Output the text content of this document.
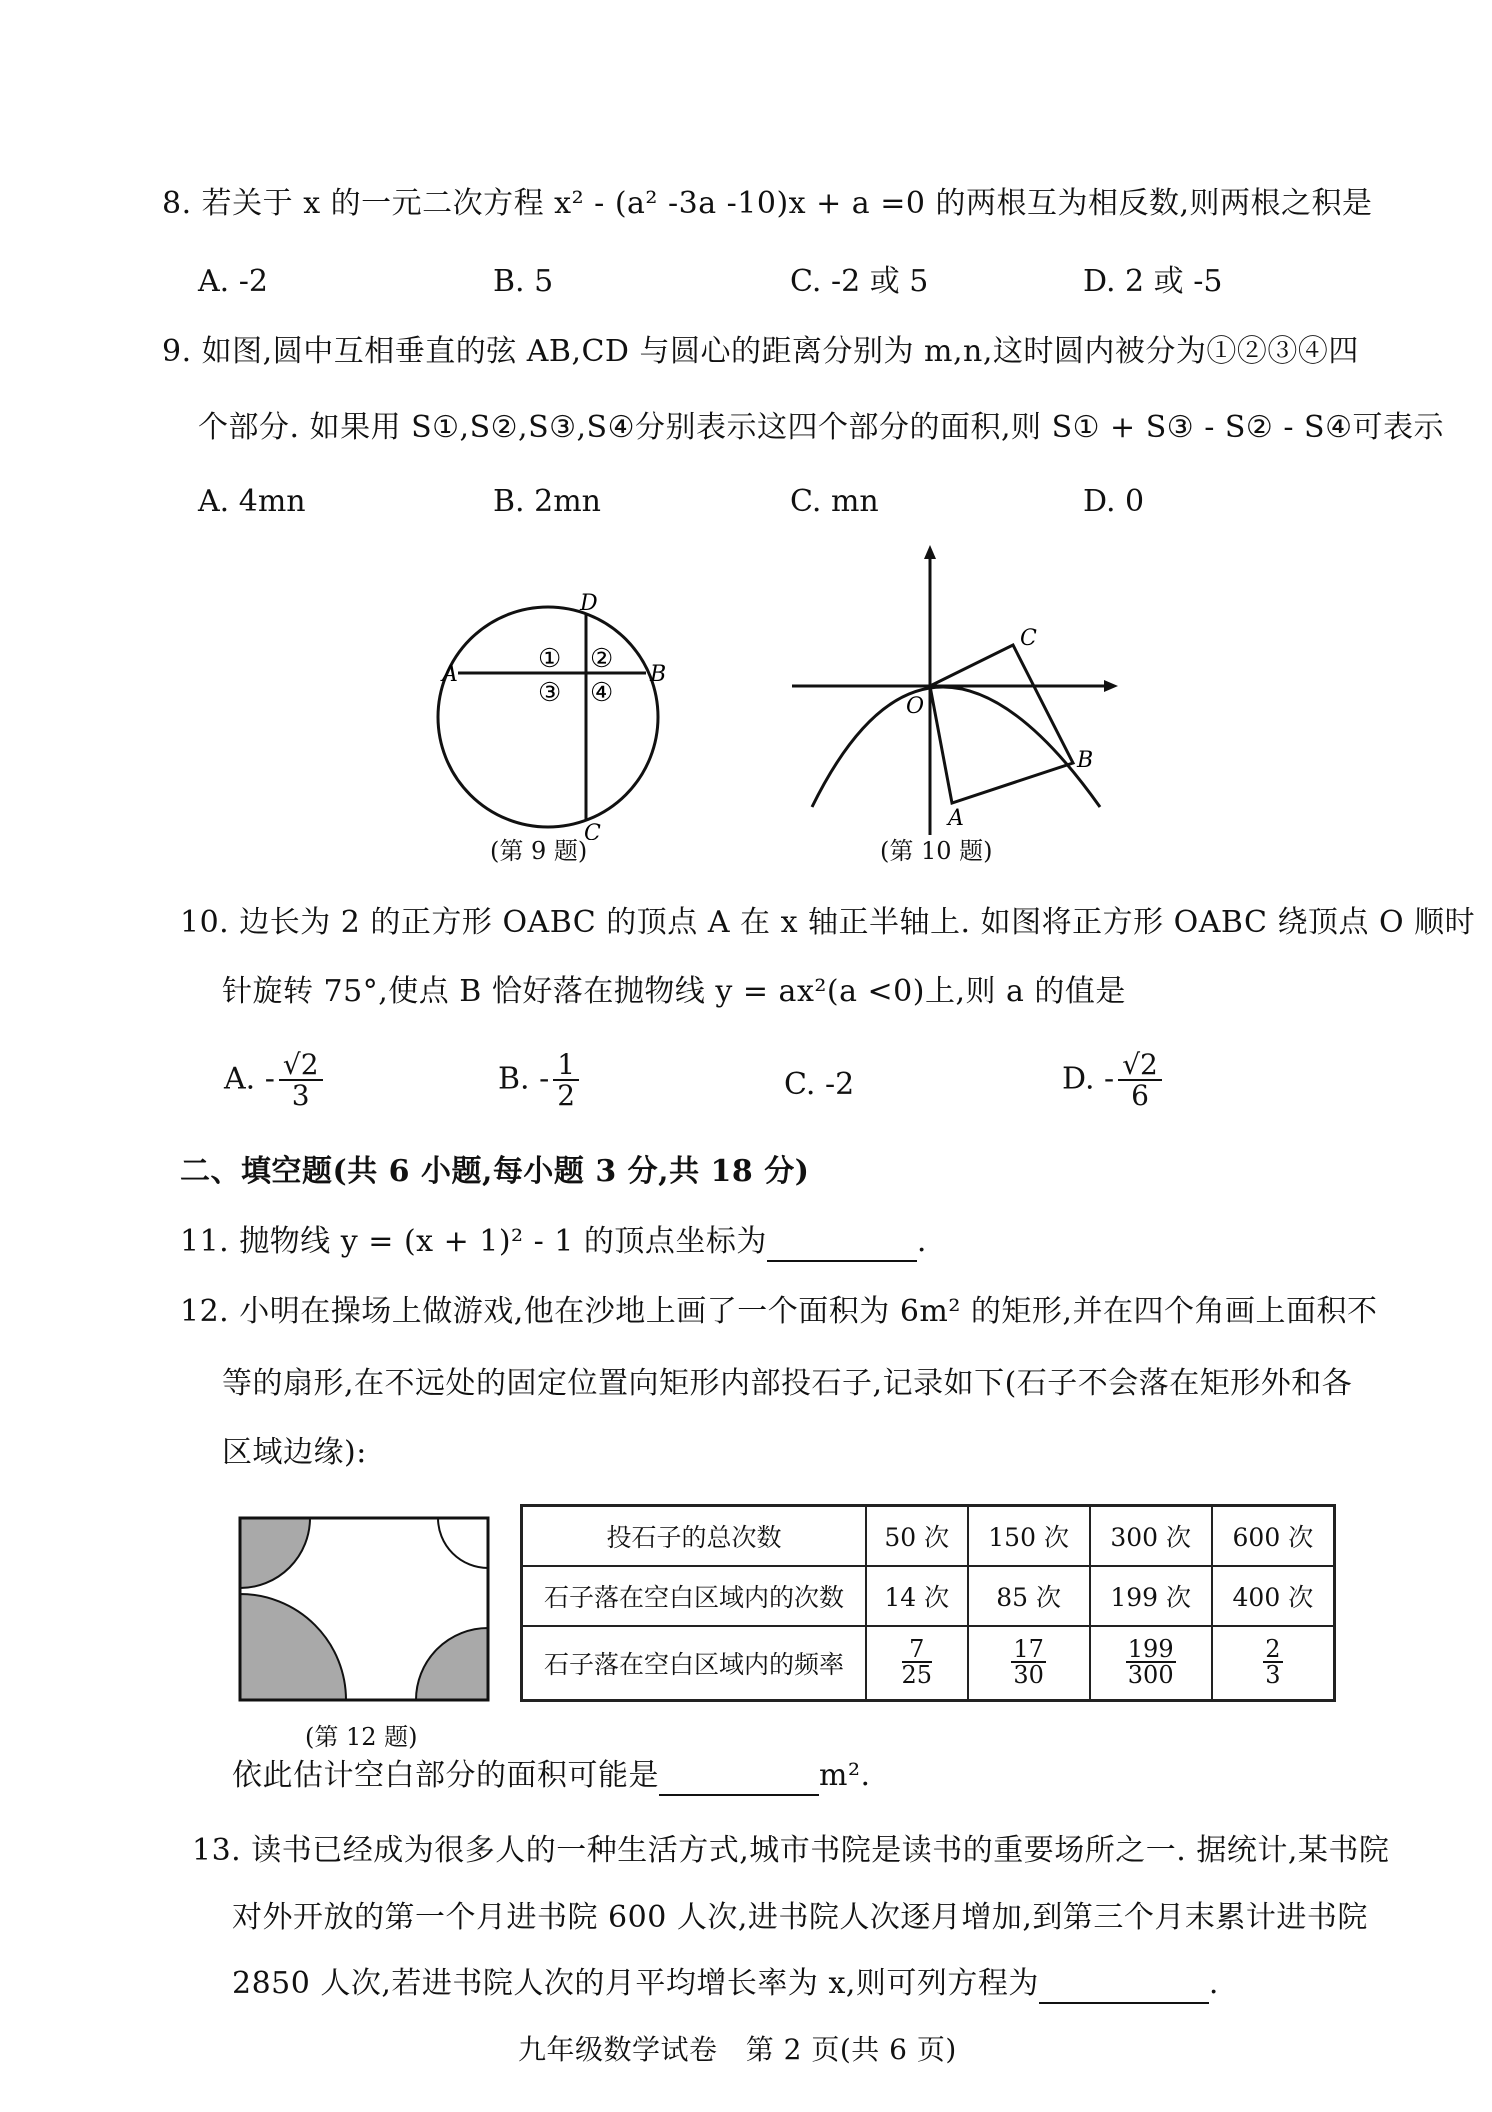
8. 若关于 x 的一元二次方程 x² - (a² -3a -10)x + a =0 的两根互为相反数,则两根之积是
A. -2	B. 5	C. -2 或 5	D. 2 或 -5
9. 如图,圆中互相垂直的弦 AB,CD 与圆心的距离分别为 m,n,这时圆内被分为①②③④四
个部分. 如果用 S①,S②,S③,S④分别表示这四个部分的面积,则 S① + S③ - S② - S④可表示
A. 4mn	B. 2mn	C. mn	D. 0
A	B
D
C
① ②
③ ④
(第 9 题)
O
C
B
A
(第 10 题)
10. 边长为 2 的正方形 OABC 的顶点 A 在 x 轴正半轴上. 如图将正方形 OABC 绕顶点 O 顺时
针旋转 75°,使点 B 恰好落在抛物线 y = ax²(a <0)上,则 a 的值是
A. - $\frac{√2}{3}$	B. - $\frac{1}{2}$	C. -2	D. - $\frac{√2}{6}$
二、填空题(共 6 小题,每小题 3 分,共 18 分)
11. 抛物线 y = (x + 1)² - 1 的顶点坐标为	.
12. 小明在操场上做游戏,他在沙地上画了一个面积为 6m² 的矩形,并在四个角画上面积不
等的扇形,在不远处的固定位置向矩形内部投石子,记录如下(石子不会落在矩形外和各
区域边缘):
(第 12 题)
投石子的总次数	50 次	150 次	300 次	600 次
石子落在空白区域内的次数	14 次	85 次	199 次	400 次
石子落在空白区域内的频率	$\frac{7}{25}$	$\frac{17}{30}$	$\frac{199}{300}$	$\frac{2}{3}$
依此估计空白部分的面积可能是	m².
13. 读书已经成为很多人的一种生活方式,城市书院是读书的重要场所之一. 据统计,某书院
对外开放的第一个月进书院 600 人次,进书院人次逐月增加,到第三个月末累计进书院
2850 人次,若进书院人次的月平均增长率为 x,则可列方程为	.
九年级数学试卷   第 2 页(共 6 页)
